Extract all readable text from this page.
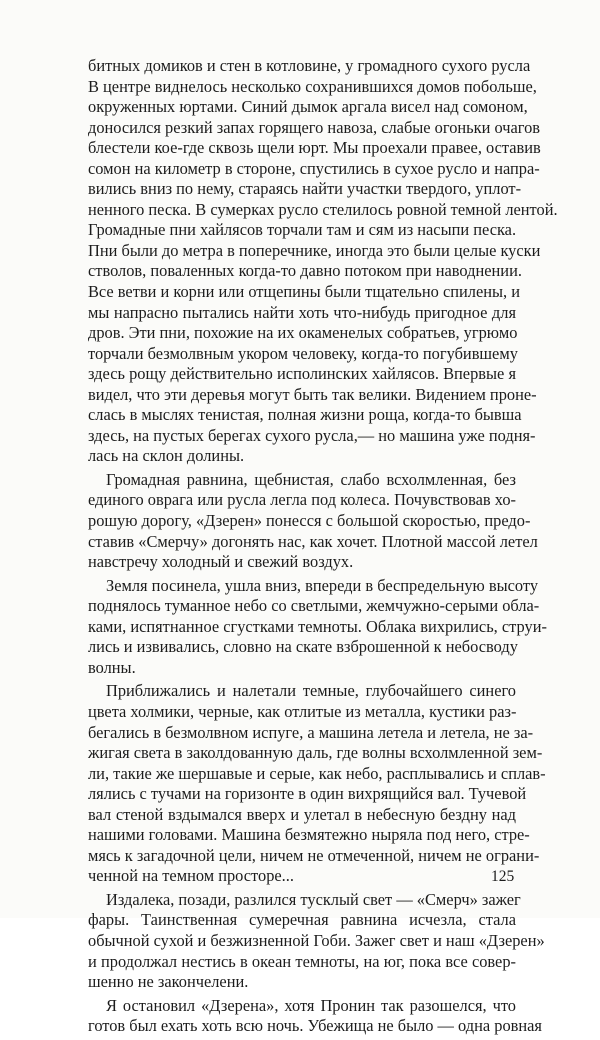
битных домиков и стен в котловине, у громадного сухого русла
В центре виднелось несколько сохранившихся домов побольше,
окруженных юртами. Синий дымок аргала висел над сомоном,
доносился резкий запах горящего навоза, слабые огоньки очагов
блестели кое-где сквозь щели юрт. Мы проехали правее, оставив
сомон на километр в стороне, спустились в сухое русло и напра-
вились вниз по нему, стараясь найти участки твердого, уплот-
ненного песка. В сумерках русло стелилось ровной темной лентой.
Громадные пни хайлясов торчали там и сям из насыпи песка.
Пни были до метра в поперечнике, иногда это были целые куски
стволов, поваленных когда-то давно потоком при наводнении.
Все ветви и корни или отщепины были тщательно спилены, и
мы напрасно пытались найти хоть что-нибудь пригодное для
дров. Эти пни, похожие на их окаменелых собратьев, угрюмо
торчали безмолвным укором человеку, когда-то погубившему
здесь рощу действительно исполинских хайлясов. Впервые я
видел, что эти деревья могут быть так велики. Видением проне-
слась в мыслях тенистая, полная жизни роща, когда-то бывша
здесь, на пустых берегах сухого русла,— но машина уже подня-
лась на склон долины.
Громадная равнина, щебнистая, слабо всхолмленная, без
единого оврага или русла легла под колеса. Почувствовав хо-
рошую дорогу, «Дзерен» понесся с большой скоростью, предо-
ставив «Смерчу» догонять нас, как хочет. Плотной массой летел
навстречу холодный и свежий воздух.
Земля посинела, ушла вниз, впереди в беспредельную высоту
поднялось туманное небо со светлыми, жемчужно-серыми обла-
ками, испятнанное сгустками темноты. Облака вихрились, струи-
лись и извивались, словно на скате взброшенной к небосводу
волны.
Приближались и налетали темные, глубочайшего синего
цвета холмики, черные, как отлитые из металла, кустики раз-
бегались в безмолвном испуге, а машина летела и летела, не за-
жигая света в заколдованную даль, где волны всхолмленной зем-
ли, такие же шершавые и серые, как небо, расплывались и сплав-
лялись с тучами на горизонте в один вихрящийся вал. Тучевой
вал стеной вздымался вверх и улетал в небесную бездну над
нашими головами. Машина безмятежно ныряла под него, стре-
мясь к загадочной цели, ничем не отмеченной, ничем не ограни-
ченной на темном просторе...
Издалека, позади, разлился тусклый свет — «Смерч» зажег
фары. Таинственная сумеречная равнина исчезла, стала
обычной сухой и безжизненной Гоби. Зажег свет и наш «Дзерен»
и продолжал нестись в океан темноты, на юг, пока все совер-
шенно не закончелени.
Я остановил «Дзерена», хотя Пронин так разошелся, что
готов был ехать хоть всю ночь. Убежища не было — одна ровная
125
